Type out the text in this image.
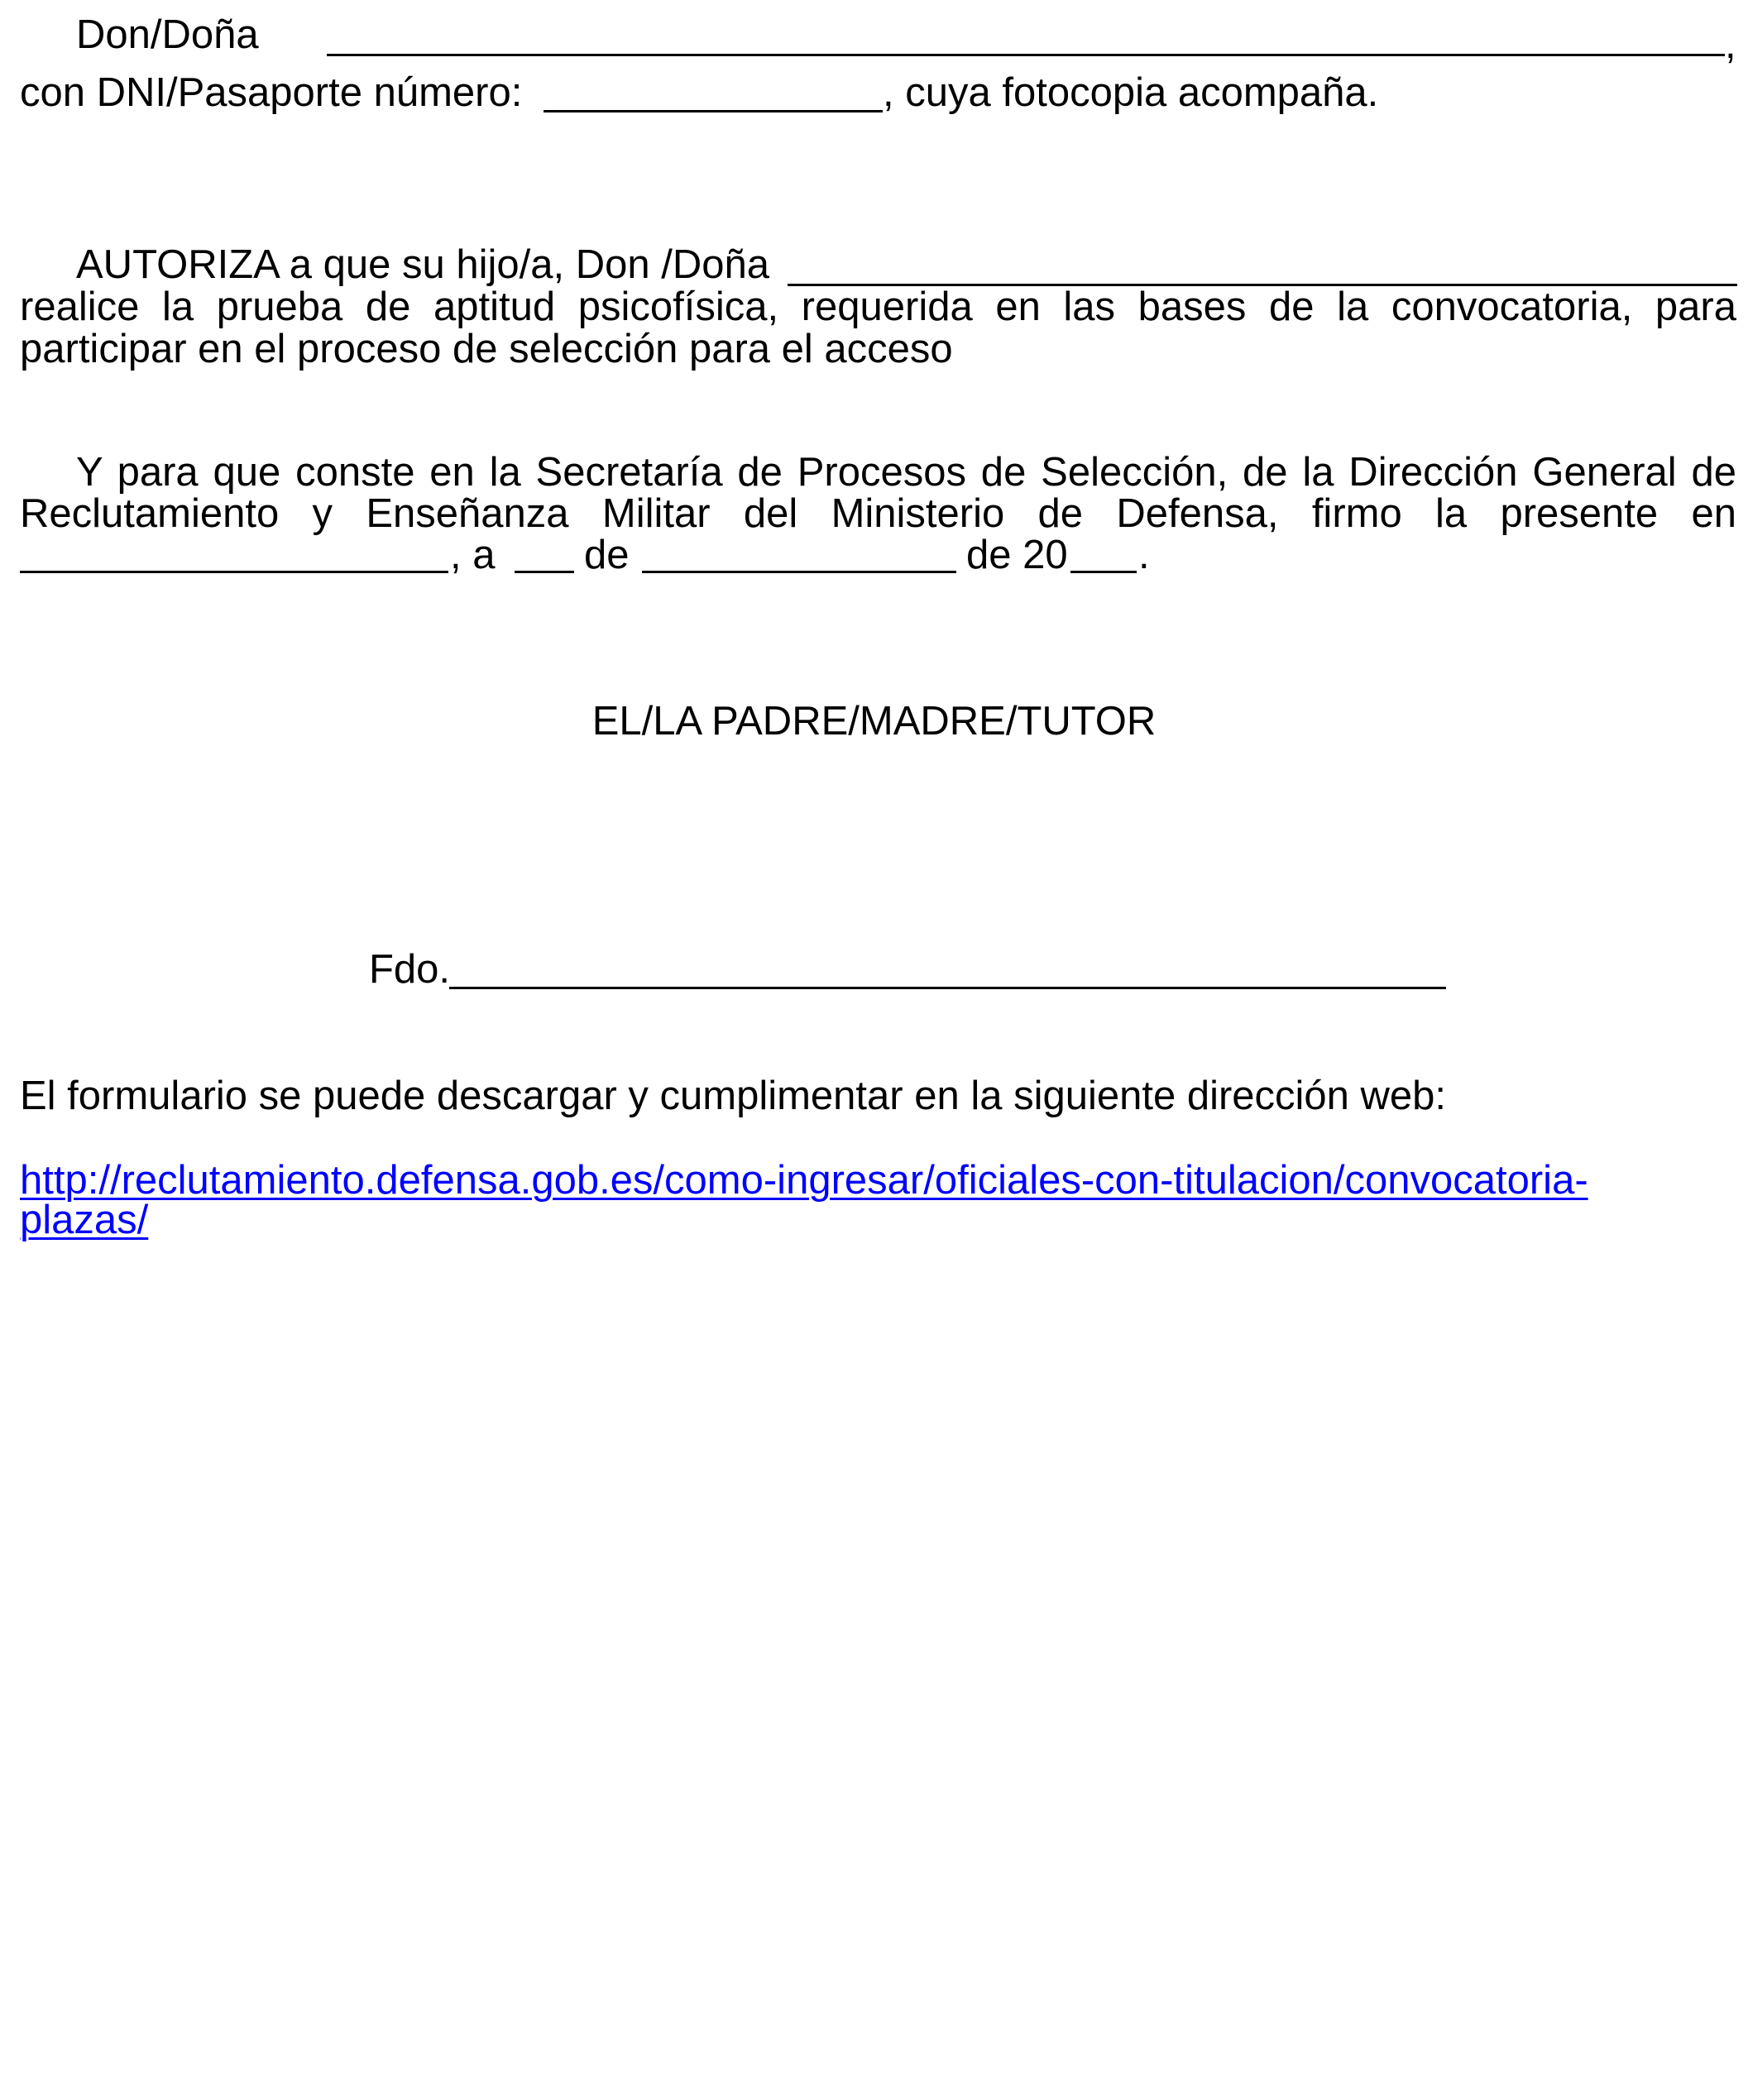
Don/Doña	,
con DNI/Pasaporte número:	, cuya fotocopia acompaña.
AUTORIZA a que su hijo/a, Don /Doña
realice la prueba de aptitud psicofísica, requerida en las bases de la convocatoria, para
participar en el proceso de selección para el acceso
Y para que conste en la Secretaría de Procesos de Selección, de la Dirección General de
Reclutamiento y Enseñanza Militar del Ministerio de Defensa, firmo la presente en
, a de	de 20 .
EL/LA PADRE/MADRE/TUTOR
Fdo.
El formulario se puede descargar y cumplimentar en la siguiente dirección web:
http://reclutamiento.defensa.gob.es/como-ingresar/oficiales-con-titulacion/convocatoria-
plazas/
